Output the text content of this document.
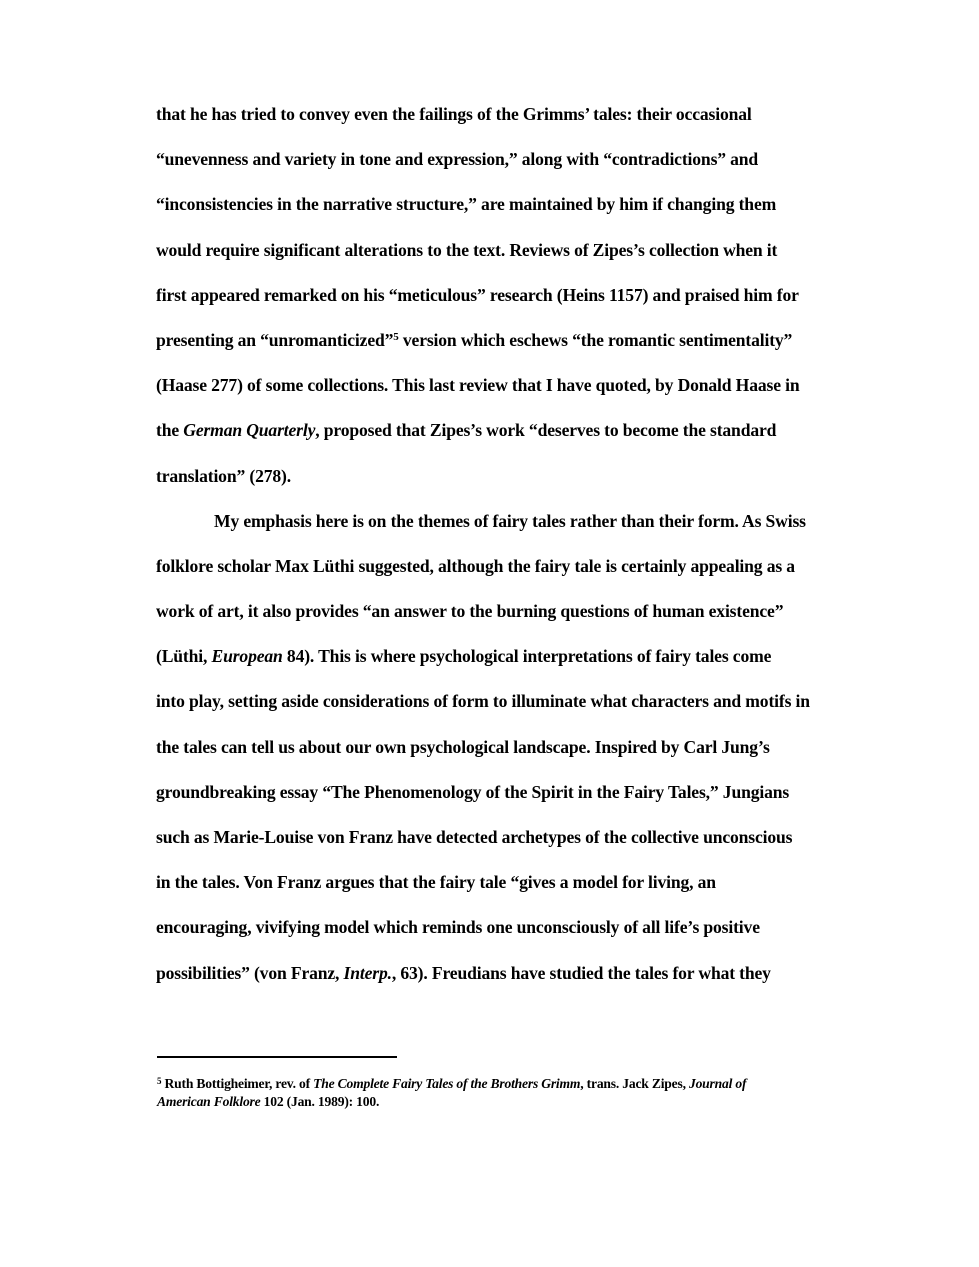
that he has tried to convey even the failings of the Grimms’ tales: their occasional
“unevenness and variety in tone and expression,” along with “contradictions” and
“inconsistencies in the narrative structure,” are maintained by him if changing them
would require significant alterations to the text. Reviews of Zipes’s collection when it
first appeared remarked on his “meticulous” research (Heins 1157) and praised him for
presenting an “unromanticized”$^5$ version which eschews “the romantic sentimentality”
(Haase 277) of some collections. This last review that I have quoted, by Donald Haase in
the German Quarterly, proposed that Zipes’s work “deserves to become the standard
translation” (278).
My emphasis here is on the themes of fairy tales rather than their form. As Swiss
folklore scholar Max Lüthi suggested, although the fairy tale is certainly appealing as a
work of art, it also provides “an answer to the burning questions of human existence”
(Lüthi, European 84). This is where psychological interpretations of fairy tales come
into play, setting aside considerations of form to illuminate what characters and motifs in
the tales can tell us about our own psychological landscape. Inspired by Carl Jung’s
groundbreaking essay “The Phenomenology of the Spirit in the Fairy Tales,” Jungians
such as Marie-Louise von Franz have detected archetypes of the collective unconscious
in the tales. Von Franz argues that the fairy tale “gives a model for living, an
encouraging, vivifying model which reminds one unconsciously of all life’s positive
possibilities” (von Franz, Interp., 63). Freudians have studied the tales for what they
$^5$ Ruth Bottigheimer, rev. of The Complete Fairy Tales of the Brothers Grimm, trans. Jack Zipes, Journal of
American Folklore 102 (Jan. 1989): 100.
